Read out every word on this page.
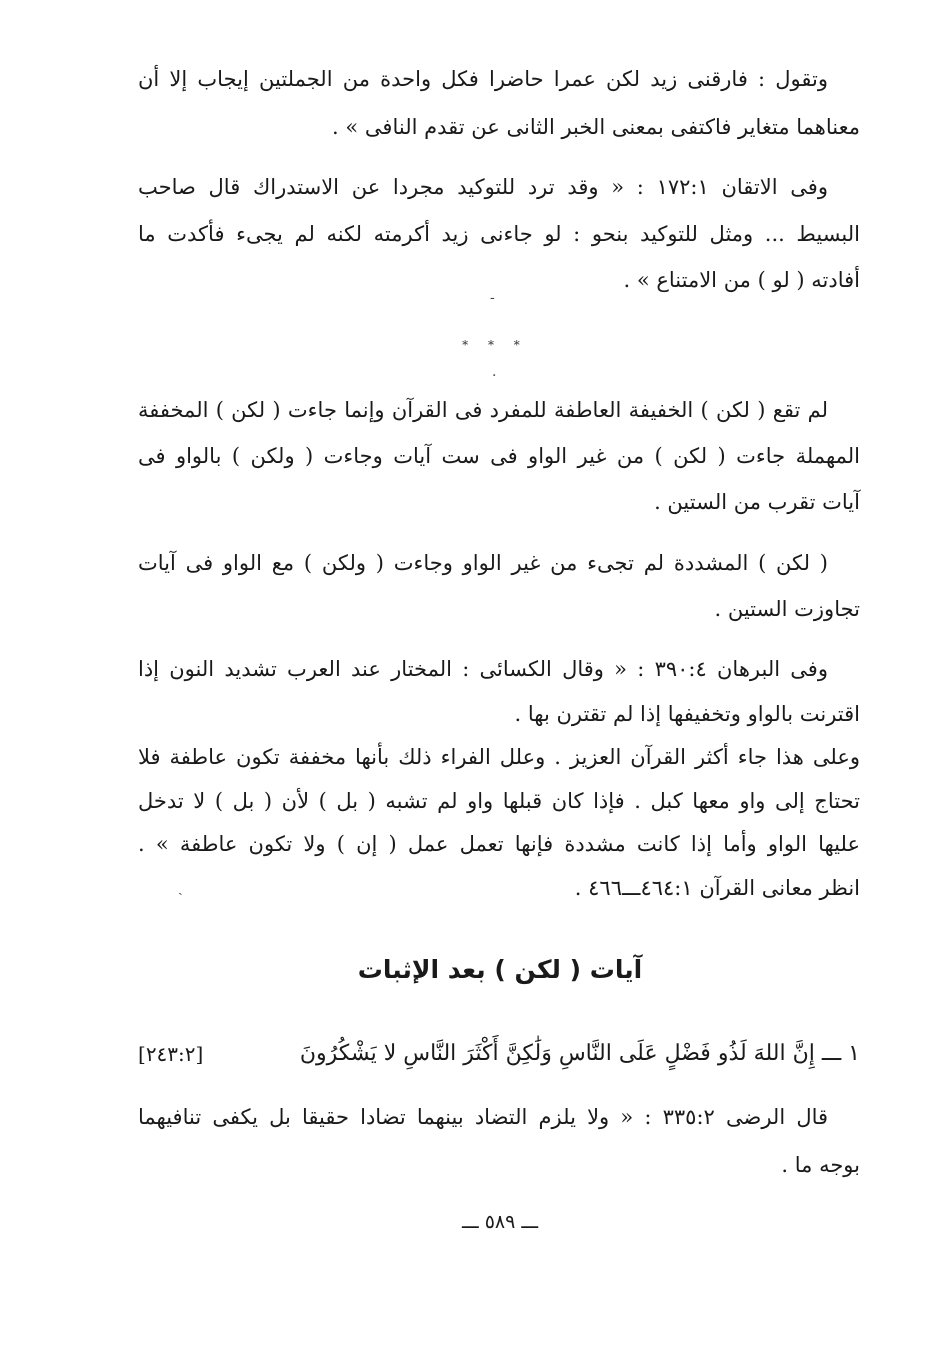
وتقول : فارقنى زيد لكن عمرا حاضرا فكل واحدة من الجملتين إيجاب إلا أن
معناهما متغاير فاكتفى بمعنى الخبر الثانى عن تقدم النافى » .
وفى الاتقان ١٧٢:١ : « وقد ترد للتوكيد مجردا عن الاستدراك قال صاحب
البسيط ... ومثل للتوكيد بنحو : لو جاءنى زيد أكرمته لكنه لم يجىء فأكدت ما
أفادته ( لو ) من الامتناع » .
-
* * *
·
لم تقع ( لكن ) الخفيفة العاطفة للمفرد فى القرآن وإنما جاءت ( لكن ) المخففة
المهملة جاءت ( لكن ) من غير الواو فى ست آيات وجاءت ( ولكن ) بالواو فى
آيات تقرب من الستين .
( لكن ) المشددة لم تجىء من غير الواو وجاءت ( ولكن ) مع الواو فى آيات
تجاوزت الستين .
وفى البرهان ٣٩٠:٤ : « وقال الكسائى : المختار عند العرب تشديد النون إذا
اقترنت بالواو وتخفيفها إذا لم تقترن بها .
وعلى هذا جاء أكثر القرآن العزيز . وعلل الفراء ذلك بأنها مخففة تكون عاطفة فلا
تحتاج إلى واو معها كبل . فإذا كان قبلها واو لم تشبه ( بل ) لأن ( بل ) لا تدخل
عليها الواو وأما إذا كانت مشددة فإنها تعمل عمل ( إن ) ولا تكون عاطفة » .
انظر معانى القرآن ٤٦٤:١ـــ٤٦٦ .
ˏ
آيات ( لكن ) بعد الإثبات
١ ـــ إِنَّ اللهَ لَذُو فَضْلٍ عَلَى النَّاسِ وَلَٰكِنَّ أَكْثَرَ النَّاسِ لا يَشْكُرُونَ
[٢٤٣:٢]
قال الرضى ٣٣٥:٢ : « ولا يلزم التضاد بينهما تضادا حقيقا بل يكفى تنافيهما
بوجه ما .
ـــ ٥٨٩ ـــ
